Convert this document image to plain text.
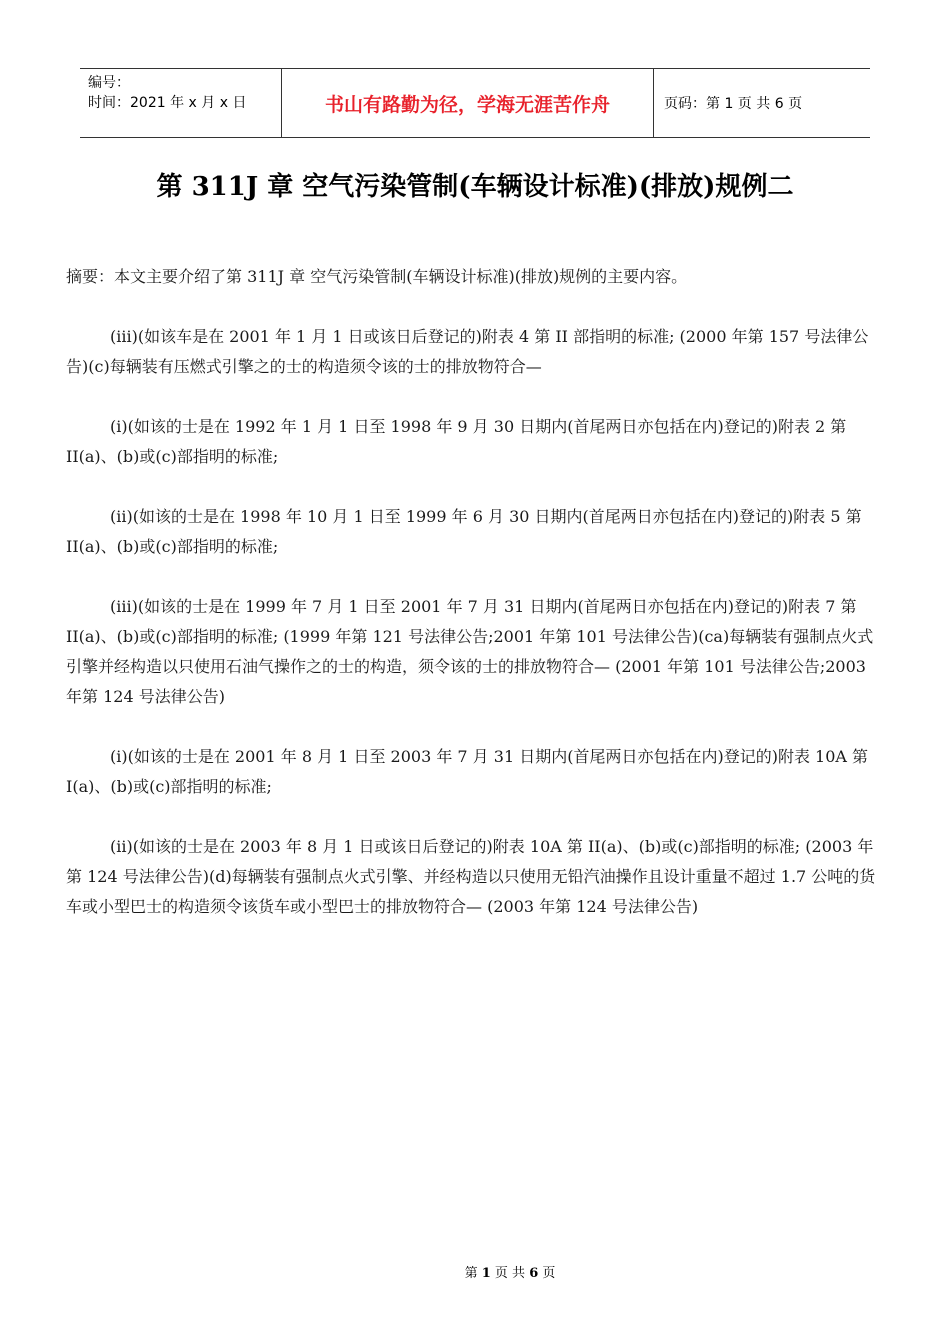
编号：
时间：2021 年 x 月 x 日	书山有路勤为径，学海无涯苦作舟	页码：第 1 页 共 6 页
第 311J 章 空气污染管制(车辆设计标准)(排放)规例二

摘要：本文主要介绍了第 311J 章 空气污染管制(车辆设计标准)(排放)规例的主要内容。

(iii)(如该车是在 2001 年 1 月 1 日或该日后登记的)附表 4 第 II 部指明的标准; (2000 年第 157 号法律公告)(c)每辆装有压燃式引擎之的士的构造须令该的士的排放物符合—

(i)(如该的士是在 1992 年 1 月 1 日至 1998 年 9 月 30 日期内(首尾两日亦包括在内)登记的)附表 2 第 II(a)、(b)或(c)部指明的标准;

(ii)(如该的士是在 1998 年 10 月 1 日至 1999 年 6 月 30 日期内(首尾两日亦包括在内)登记的)附表 5 第 II(a)、(b)或(c)部指明的标准;

(iii)(如该的士是在 1999 年 7 月 1 日至 2001 年 7 月 31 日期内(首尾两日亦包括在内)登记的)附表 7 第 II(a)、(b)或(c)部指明的标准; (1999 年第 121 号法律公告;2001 年第 101 号法律公告)(ca)每辆装有强制点火式引擎并经构造以只使用石油气操作之的士的构造，须令该的士的排放物符合— (2001 年第 101 号法律公告;2003 年第 124 号法律公告)

(i)(如该的士是在 2001 年 8 月 1 日至 2003 年 7 月 31 日期内(首尾两日亦包括在内)登记的)附表 10A 第 I(a)、(b)或(c)部指明的标准;

(ii)(如该的士是在 2003 年 8 月 1 日或该日后登记的)附表 10A 第 II(a)、(b)或(c)部指明的标准; (2003 年第 124 号法律公告)(d)每辆装有强制点火式引擎、并经构造以只使用无铅汽油操作且设计重量不超过 1.7 公吨的货车或小型巴士的构造须令该货车或小型巴士的排放物符合— (2003 年第 124 号法律公告)

第 1 页 共 6 页
